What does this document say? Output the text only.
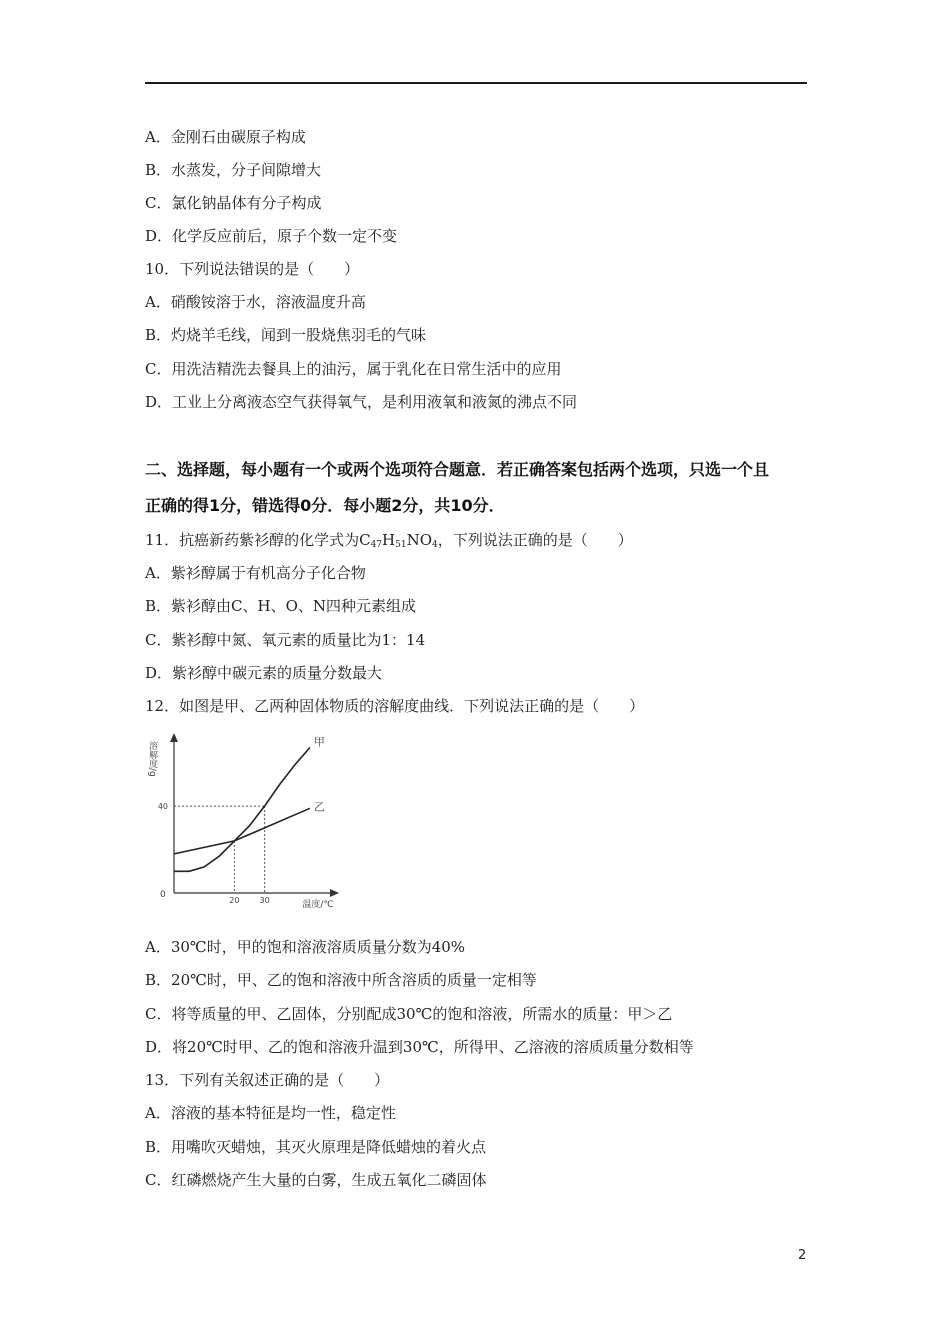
A．金刚石由碳原子构成
B．水蒸发，分子间隙增大
C．氯化钠晶体有分子构成
D．化学反应前后，原子个数一定不变
10．下列说法错误的是（　　）
A．硝酸铵溶于水，溶液温度升高
B．灼烧羊毛线，闻到一股烧焦羽毛的气味
C．用洗洁精洗去餐具上的油污，属于乳化在日常生活中的应用
D．工业上分离液态空气获得氧气，是利用液氧和液氮的沸点不同
二、选择题，每小题有一个或两个选项符合题意．若正确答案包括两个选项，只选一个且
正确的得1分，错选得0分．每小题2分，共10分．
11．抗癌新药紫衫醇的化学式为$C_{47}H_{51}NO_4$，下列说法正确的是（　　）
A．紫衫醇属于有机高分子化合物
B．紫衫醇由C、H、O、N四种元素组成
C．紫衫醇中氮、氧元素的质量比为1：14
D．紫衫醇中碳元素的质量分数最大
12．如图是甲、乙两种固体物质的溶解度曲线．下列说法正确的是（　　）
溶解度/g
温度/℃
0
甲
乙
40
20	30
A．30℃时，甲的饱和溶液溶质质量分数为40%
B．20℃时，甲、乙的饱和溶液中所含溶质的质量一定相等
C．将等质量的甲、乙固体，分别配成30℃的饱和溶液，所需水的质量：甲＞乙
D．将20℃时甲、乙的饱和溶液升温到30℃，所得甲、乙溶液的溶质质量分数相等
13．下列有关叙述正确的是（　　）
A．溶液的基本特征是均一性，稳定性
B．用嘴吹灭蜡烛，其灭火原理是降低蜡烛的着火点
C．红磷燃烧产生大量的白雾，生成五氧化二磷固体
2
